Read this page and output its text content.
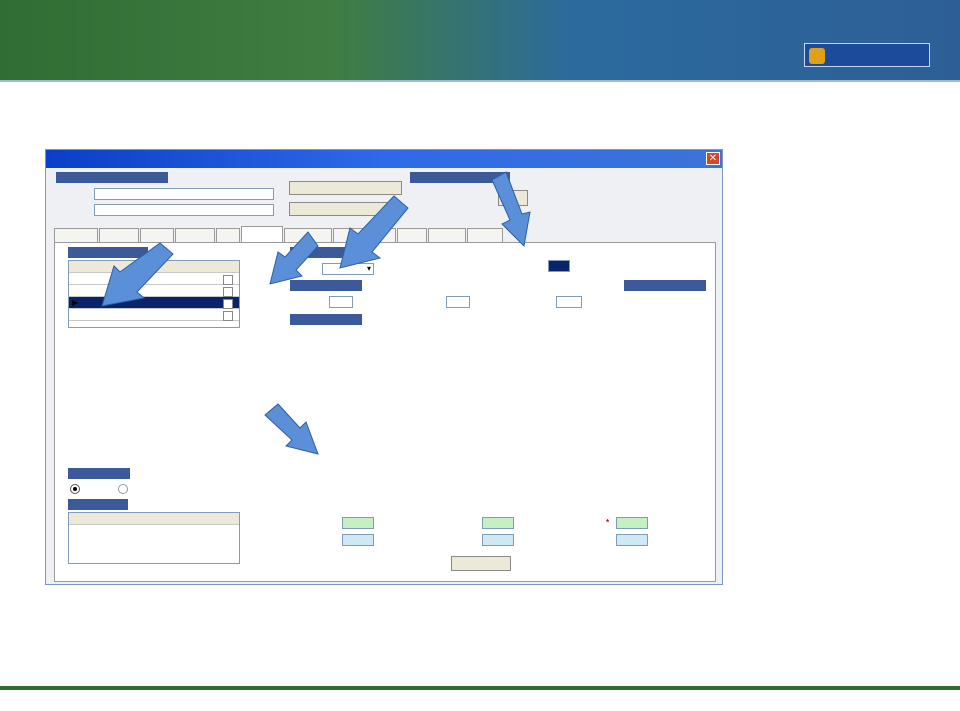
✕
▶
▾
*
